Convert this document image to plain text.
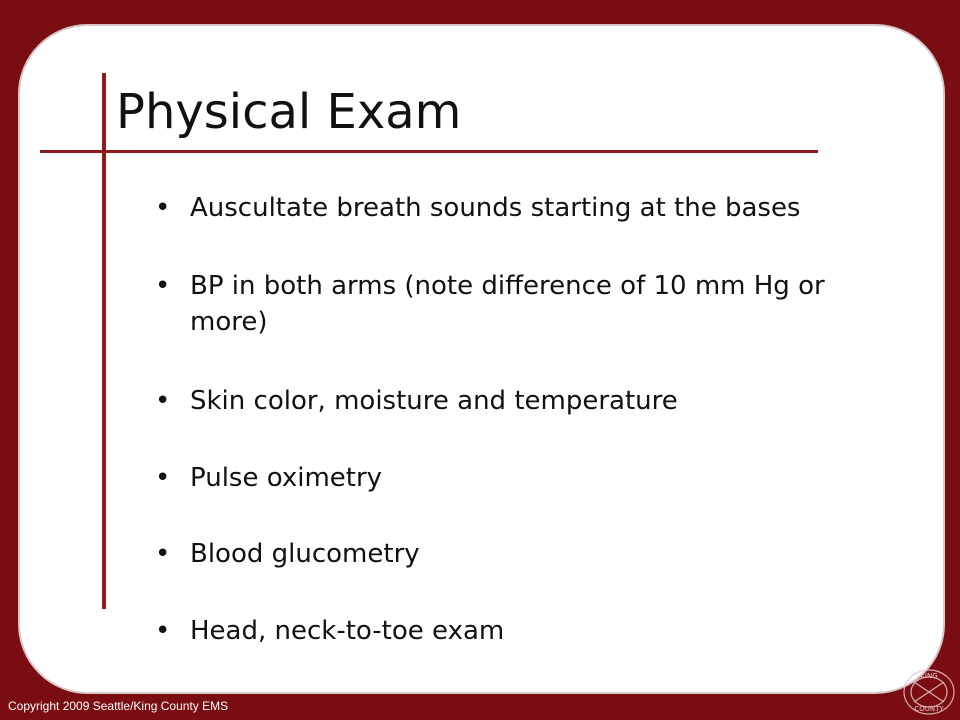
Physical Exam
• Auscultate breath sounds starting at the bases
• BP in both arms (note difference of 10 mm Hg or more)
• Skin color, moisture and temperature
• Pulse oximetry
• Blood glucometry
• Head, neck-to-toe exam
Copyright 2009 Seattle/King County EMS
KING
COUNTY
